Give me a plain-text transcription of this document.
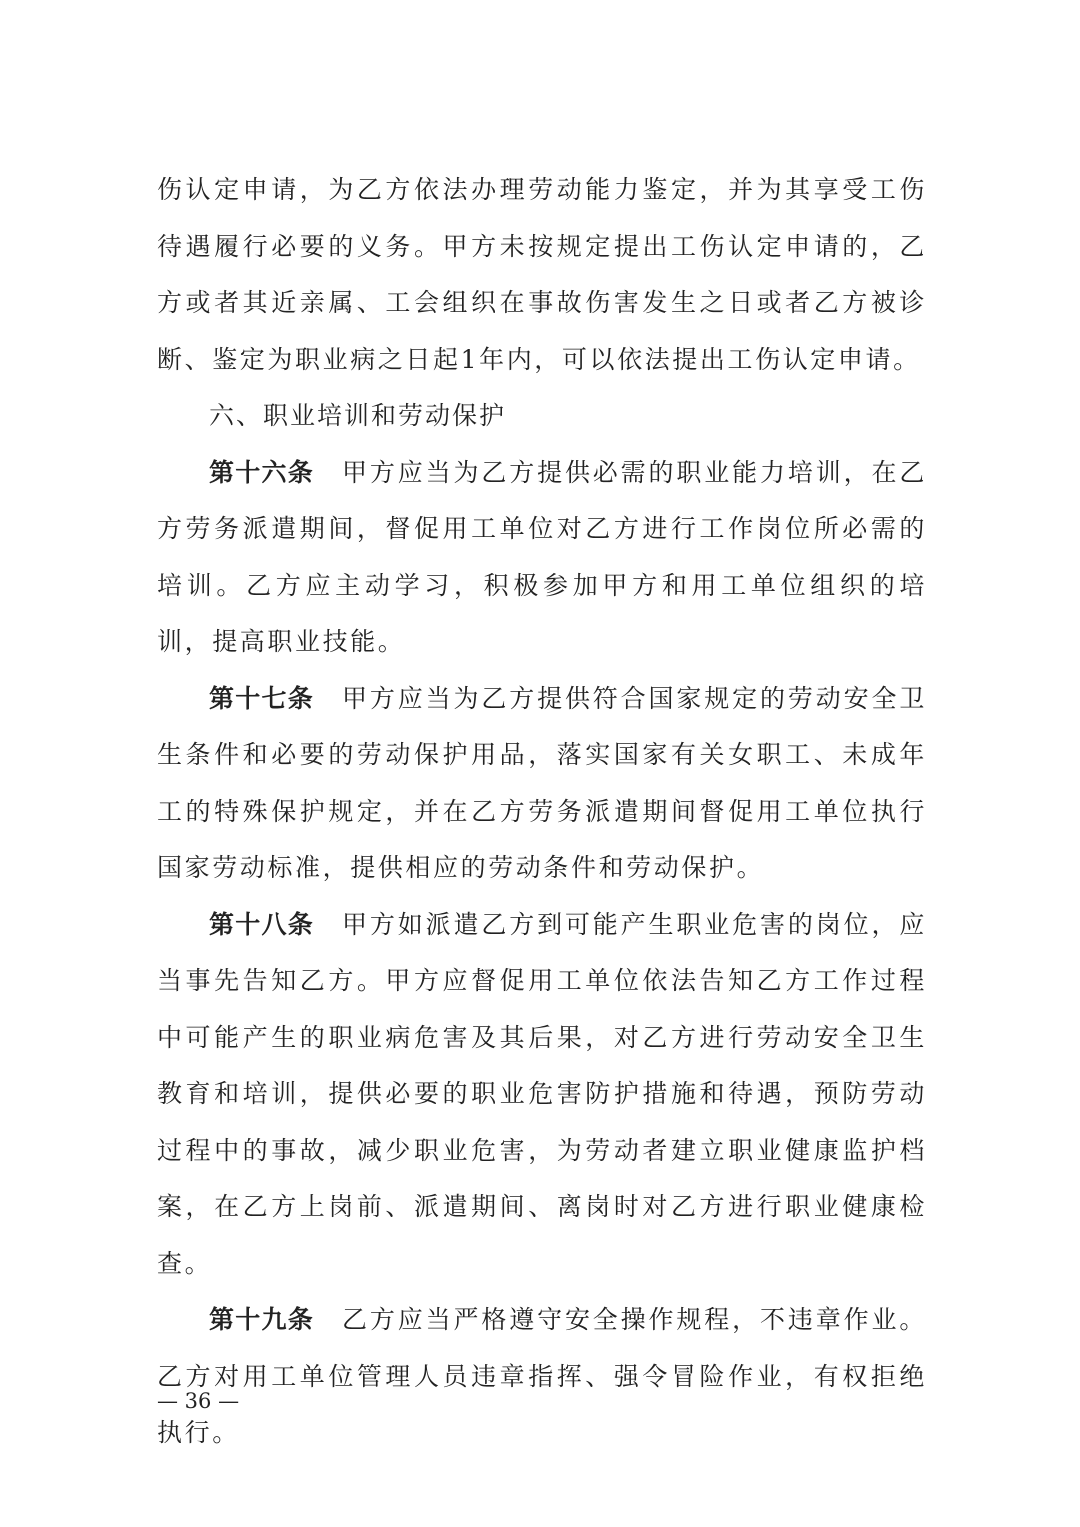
伤认定申请，为乙方依法办理劳动能力鉴定，并为其享受工伤待遇履行必要的义务。甲方未按规定提出工伤认定申请的，乙方或者其近亲属、工会组织在事故伤害发生之日或者乙方被诊断、鉴定为职业病之日起1年内，可以依法提出工伤认定申请。

六、职业培训和劳动保护

第十六条  甲方应当为乙方提供必需的职业能力培训，在乙方劳务派遣期间，督促用工单位对乙方进行工作岗位所必需的培训。乙方应主动学习，积极参加甲方和用工单位组织的培训，提高职业技能。

第十七条  甲方应当为乙方提供符合国家规定的劳动安全卫生条件和必要的劳动保护用品，落实国家有关女职工、未成年工的特殊保护规定，并在乙方劳务派遣期间督促用工单位执行国家劳动标准，提供相应的劳动条件和劳动保护。

第十八条  甲方如派遣乙方到可能产生职业危害的岗位，应当事先告知乙方。甲方应督促用工单位依法告知乙方工作过程中可能产生的职业病危害及其后果，对乙方进行劳动安全卫生教育和培训，提供必要的职业危害防护措施和待遇，预防劳动过程中的事故，减少职业危害，为劳动者建立职业健康监护档案，在乙方上岗前、派遣期间、离岗时对乙方进行职业健康检查。

第十九条  乙方应当严格遵守安全操作规程，不违章作业。乙方对用工单位管理人员违章指挥、强令冒险作业，有权拒绝执行。

— 36 —
